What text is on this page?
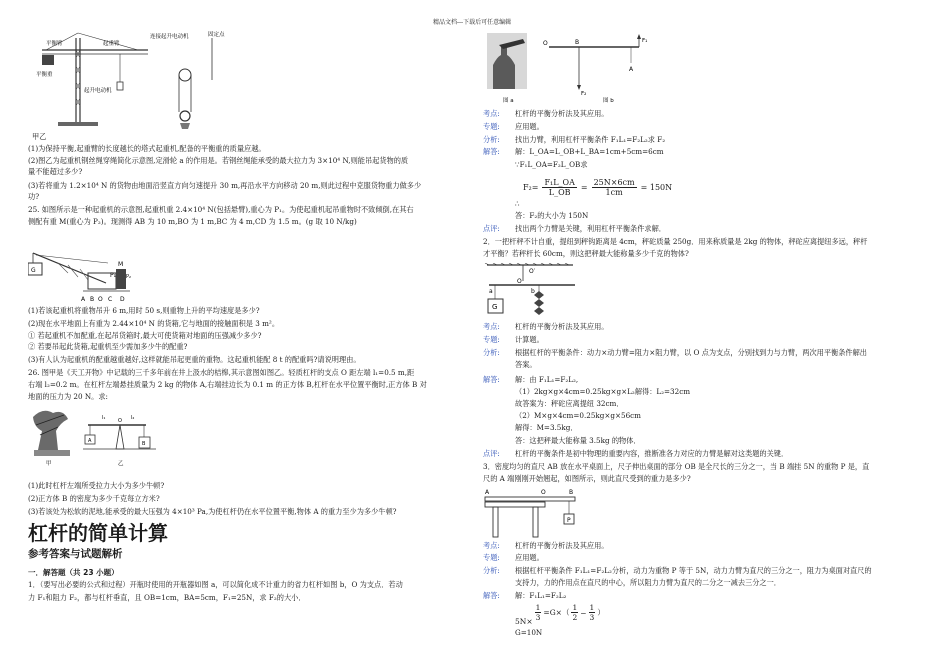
精品文档---下载后可任意编辑
平衡臂	起重臂
平衡重
起升电动机
连接起升电动机	固定点
甲乙
(1)为保持平衡,起重臂的长度越长的塔式起重机,配备的平衡重的质量应越。
(2)图乙为起重机钢丝绳穿绳简化示意图,定滑轮 a 的作用是。若钢丝绳能承受的最大拉力为 3×10⁴ N,则能吊起货物的质
量不能超过多少?
(3)若将重为 1.2×10⁴ N 的货物由地面沿竖直方向匀速提升 30 m,再沿水平方向移动 20 m,则此过程中克服货物重力做多少
功?
25. 如图所示是一种起重机的示意图,起重机重 2.4×10⁴ N(包括悬臂),重心为 P₁。为使起重机起吊重物时不致倾倒,在其右
侧配有重 M(重心为 P₂)。现测得 AB 为 10 m,BO 为 1 m,BC 为 4 m,CD 为 1.5 m。(g 取 10 N/kg)
G
P₁
M
P₂
A B O C D
(1)若该起重机将重物吊升 6 m,用时 50 s,则重物上升的平均速度是多少?
(2)现在水平地面上有重为 2.44×10⁴ N 的货箱,它与地面的接触面积是 3 m²。
① 若起重机不加配重,在起吊货箱时,最大可使货箱对地面的压强减少多少?
② 若要吊起此货箱,起重机至少需加多少牛的配重?
(3)有人认为起重机的配重越重越好,这样就能吊起更重的重物。这起重机能配 8 t 的配重吗?请说明理由。
26. 图甲是《天工开物》中记载的三千多年前在井上汲水的桔槔,其示意图如图乙。轻质杠杆的支点 O 距左端 l₁=0.5 m,距
右端 l₂=0.2 m。在杠杆左端悬挂质量为 2 kg 的物体 A,右端挂边长为 0.1 m 的正方体 B,杠杆在水平位置平衡时,正方体 B 对
地面的压力为 20 N。求:
甲
O
l₁	l₂
A	B
乙
(1)此时杠杆左端所受拉力大小为多少牛顿?
(2)正方体 B 的密度为多少千克每立方米?
(3)若该处为松软的泥地,能承受的最大压强为 4×10³ Pa,为使杠杆仍在水平位置平衡,物体 A 的重力至少为多少牛顿?
杠杆的简单计算
参考答案与试题解析
一．解答题（共 23 小题）
1．（要写出必要的公式和过程）开瓶时使用的开瓶器如图 a，可以简化成不计重力的省力杠杆如图 b，O 为支点．若动
力 F₁和阻力 F₂，都与杠杆垂直，且 OB=1cm，BA=5cm，F₁=25N，求 F₂的大小．
图 a
O	B
A
F₁
F₂
图 b
考点: 杠杆的平衡分析法及其应用。
专题: 应用题。
分析: 找出力臂，利用杠杆平衡条件 F₁L₁=F₂L₂求 F₂
解答: 解：L_OA=L_OB+L_BA=1cm+5cm=6cm
∵F₁L_OA=F₂L_OB求
$F_2= \frac{\text{F₁L\_OA}}{L\_OB} = \frac{25N\times 6cm}{1cm} = 150N$
∴
答：F₂的大小为 150N
点评: 找出两个力臂是关键，利用杠杆平衡条件求解．
2．一把杆秤不计自重，提纽到秤钩距离是 4cm，秤砣质量 250g．用来称质量是 2kg 的物体，秤砣应离提纽多远，秤杆
才平衡？若秤杆长 60cm，则这把秤最大能称量多少千克的物体?
O′
O
a
G
b
考点: 杠杆的平衡分析法及其应用。
专题: 计算题。
分析: 根据杠杆的平衡条件：动力×动力臂=阻力×阻力臂，以 O 点为支点，分别找到力与力臂，两次用平衡条件解出
答案。
解答: 解：由 F₁L₁=F₂L₂,
（1）2kg×g×4cm=0.25kg×g×L₂解得：L₂=32cm
故答案为：秤砣应离提纽 32cm．
（2）M×g×4cm=0.25kg×g×56cm
解得：M=3.5kg．
答：这把秤最大能称量 3.5kg 的物体．
点评: 杠杆的平衡条件是初中物理的重要内容，推断准各力对应的力臂是解对这类题的关键．
3．密度均匀的直尺 AB 放在水平桌面上，尺子伸出桌面的部分 OB 是全尺长的三分之一，当 B 端挂 5N 的重物 P 是，直
尺的 A 端刚刚开始翘起，如图所示，则此直尺受到的重力是多少?
A	O	B
P
考点: 杠杆的平衡分析法及其应用。
专题: 应用题。
分析: 根据杠杆平衡条件 F₁L₁=F₂L₂分析，动力为重物 P 等于 5N，动力力臂为直尺的三分之一，阻力为桌面对直尺的
支持力，力的作用点在直尺的中心，所以阻力力臂为直尺的二分之一减去三分之一．
解答: 解：F₁L₁=F₂L₂
$5N\times \frac{1}{3} =G\times$（
1
$2 - \frac{1}{3}$ ）
G=10N
